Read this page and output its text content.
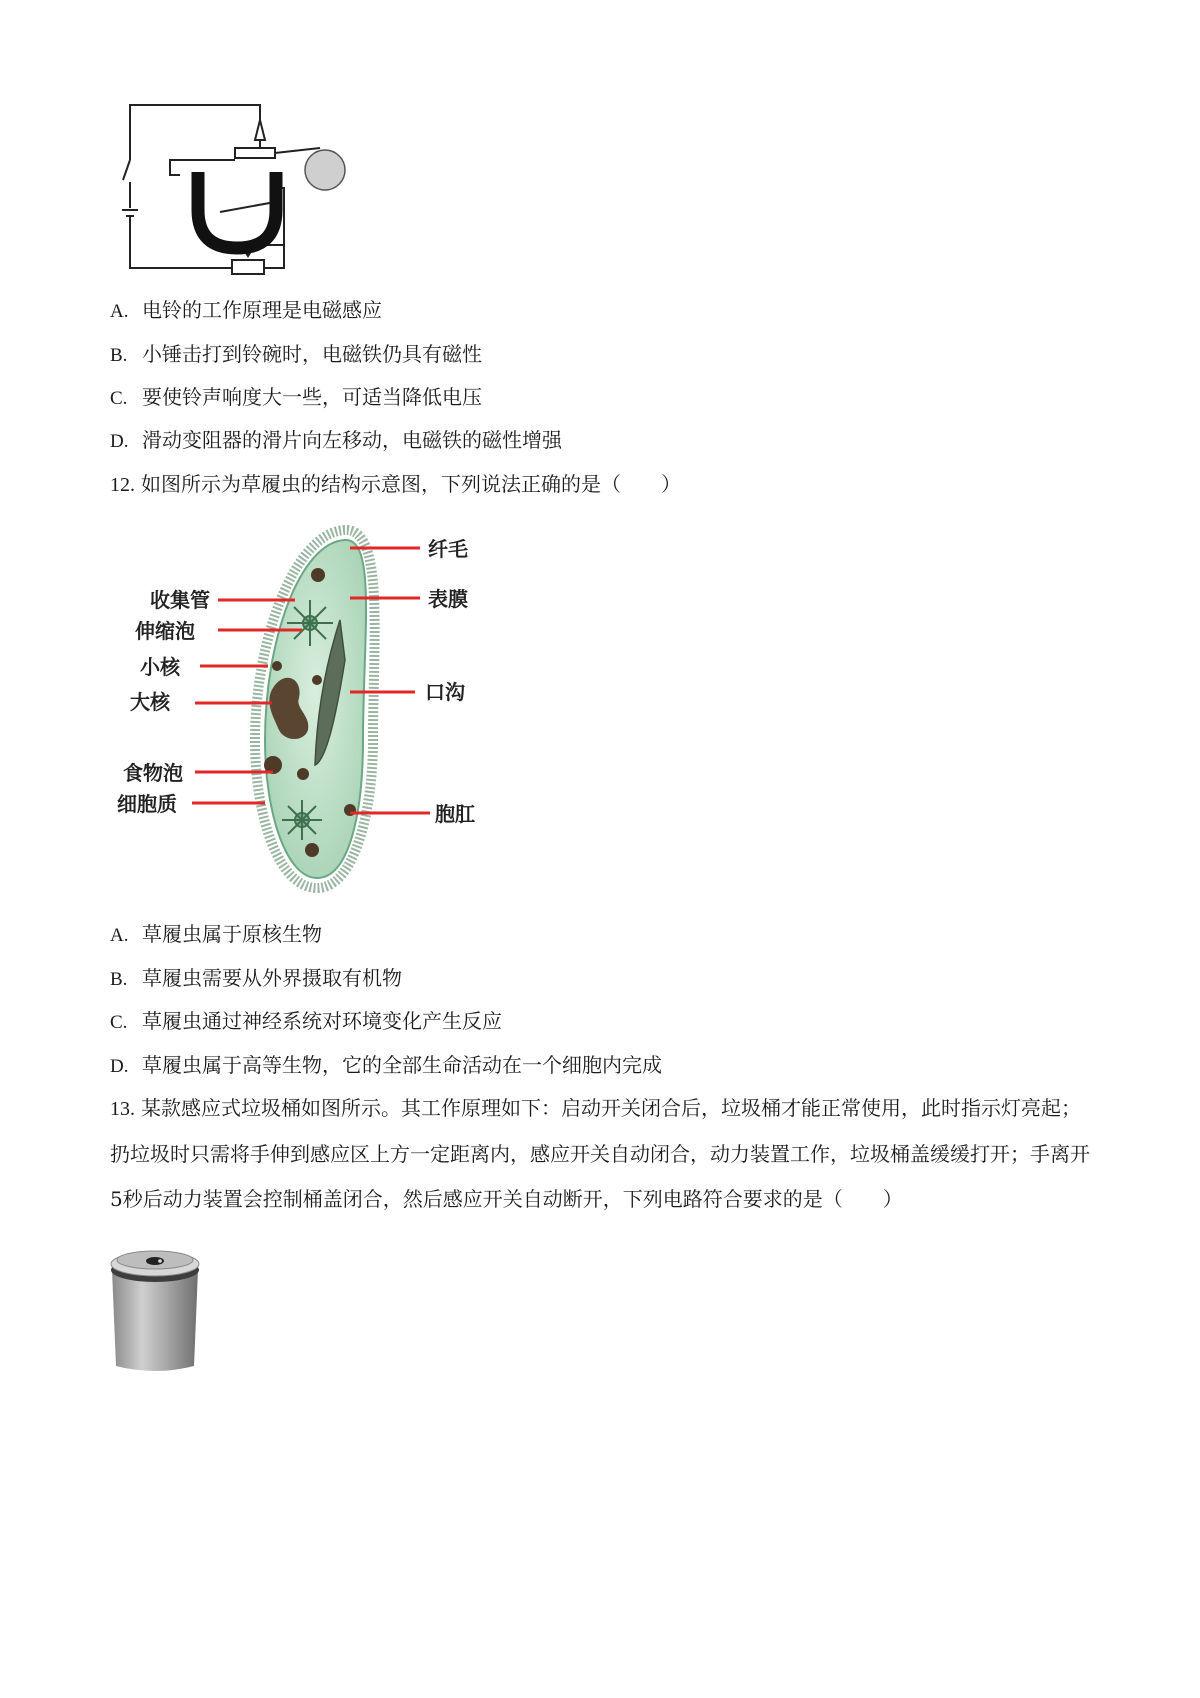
A. 电铃的工作原理是电磁感应
B. 小锤击打到铃碗时，电磁铁仍具有磁性
C. 要使铃声响度大一些，可适当降低电压
D. 滑动变阻器的滑片向左移动，电磁铁的磁性增强
12. 如图所示为草履虫的结构示意图，下列说法正确的是（　　）
纤毛
收集管	表膜
伸缩泡
小核
口沟
大核
食物泡
细胞质	胞肛
A. 草履虫属于原核生物
B. 草履虫需要从外界摄取有机物
C. 草履虫通过神经系统对环境变化产生反应
D. 草履虫属于高等生物，它的全部生命活动在一个细胞内完成
13. 某款感应式垃圾桶如图所示。其工作原理如下：启动开关闭合后，垃圾桶才能正常使用，此时指示灯亮起；扔垃圾时只需将手伸到感应区上方一定距离内，感应开关自动闭合，动力装置工作，垃圾桶盖缓缓打开；手离开5秒后动力装置会控制桶盖闭合，然后感应开关自动断开，下列电路符合要求的是（　　）
